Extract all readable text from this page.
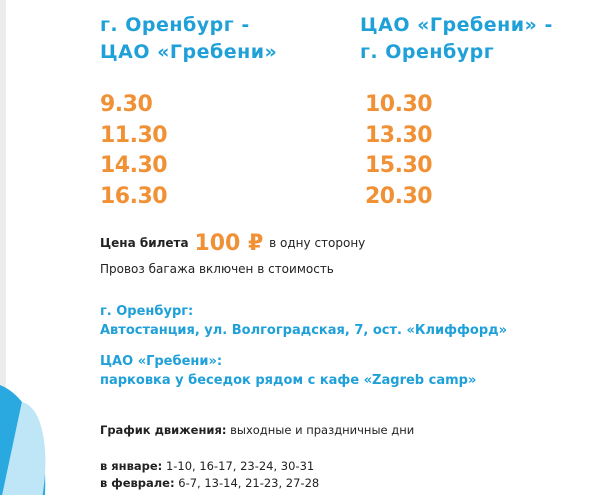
г. Оренбург -
ЦАО «Гребени»
ЦАО «Гребени» -
г. Оренбург
9.30
11.30
14.30
16.30
10.30
13.30
15.30
20.30
Цена билета 100 ₽ в одну сторону
Провоз багажа включен в стоимость
г. Оренбург:
Автостанция, ул. Волгоградская, 7, ост. «Клиффорд»
ЦАО «Гребени»:
парковка у беседок рядом с кафе «Zagreb camp»
График движения: выходные и праздничные дни
в январе: 1-10, 16-17, 23-24, 30-31
в феврале: 6-7, 13-14, 21-23, 27-28
